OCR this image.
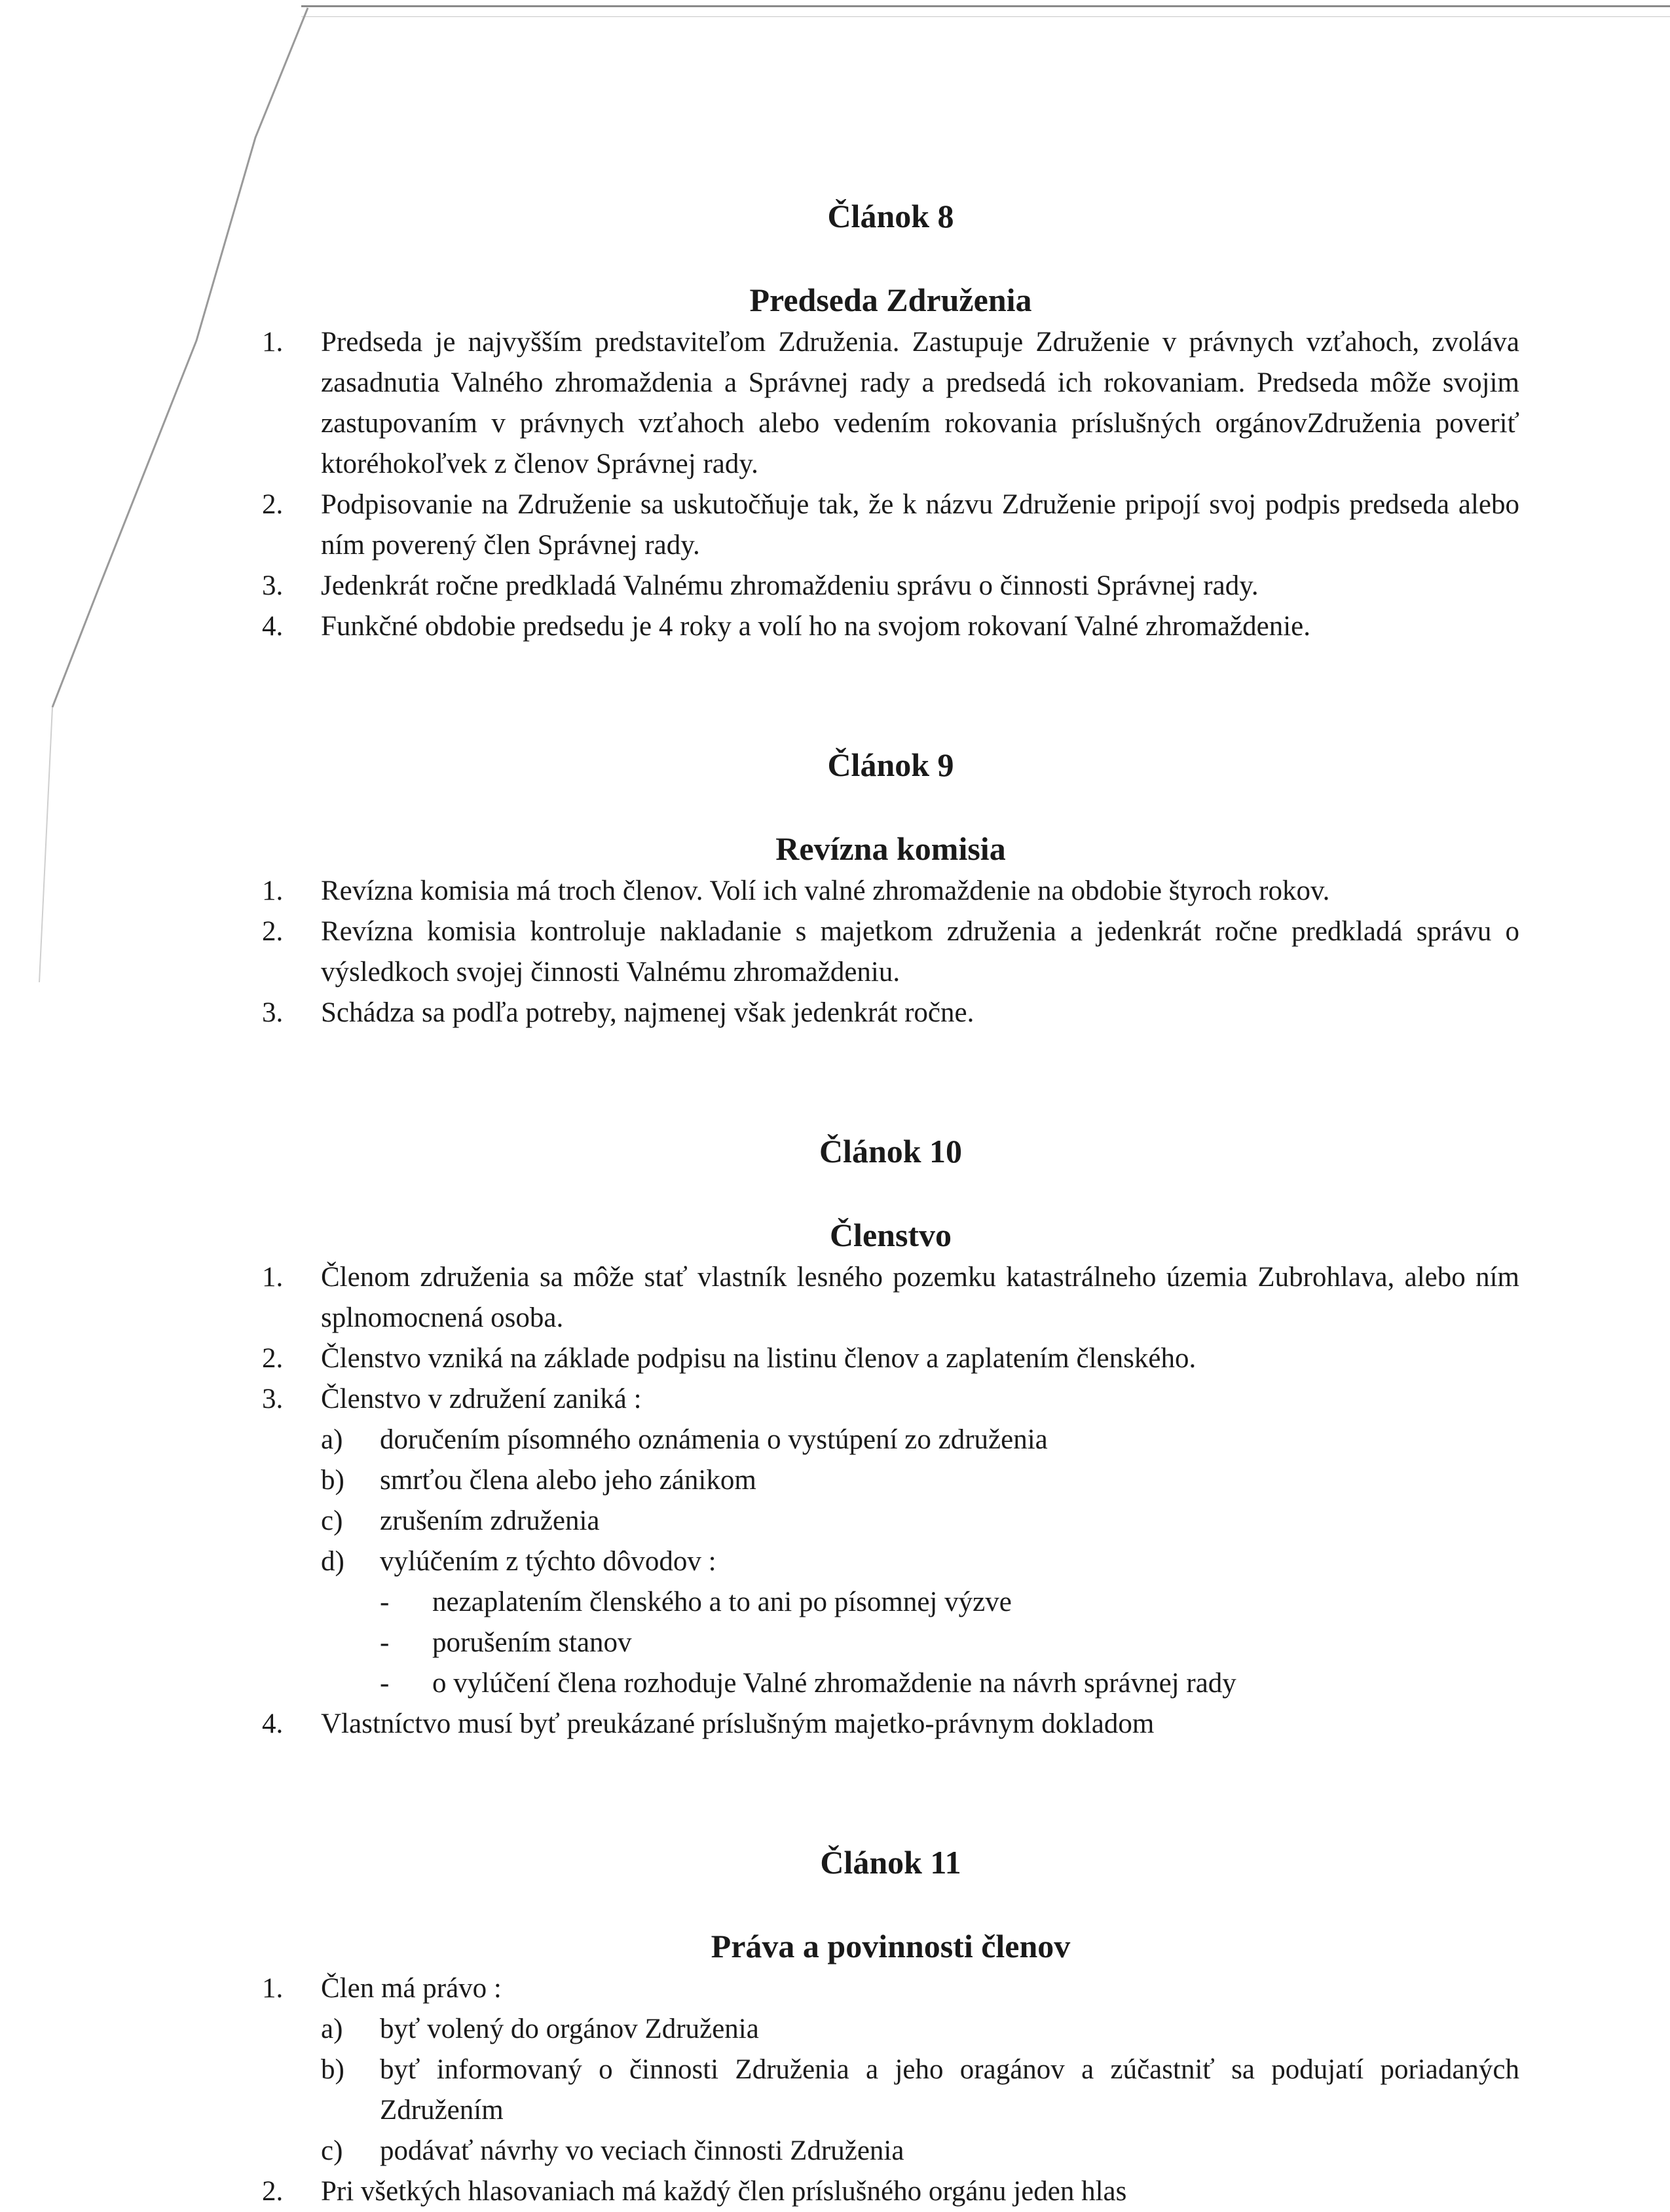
Článok 8
Predseda Združenia
1.	Predseda je najvyšším predstaviteľom Združenia. Zastupuje Združenie v právnych vzťahoch, zvoláva zasadnutia Valného zhromaždenia a Správnej rady a predsedá ich rokovaniam. Predseda môže svojim zastupovaním v právnych vzťahoch alebo vedením rokovania príslušných orgánovZdruženia poveriť ktoréhokoľvek z členov Správnej rady.
2.	Podpisovanie na Združenie sa uskutočňuje tak, že k názvu Združenie pripojí svoj podpis predseda alebo ním poverený člen Správnej rady.
3.	Jedenkrát ročne predkladá Valnému zhromaždeniu správu o činnosti Správnej rady.
4.	Funkčné obdobie predsedu je 4 roky a volí ho na svojom rokovaní Valné zhromaždenie.
Článok 9
Revízna komisia
1.	Revízna komisia má troch členov. Volí ich valné zhromaždenie na obdobie štyroch rokov.
2.	Revízna komisia kontroluje nakladanie s majetkom združenia a jedenkrát ročne predkladá správu o výsledkoch svojej činnosti Valnému zhromaždeniu.
3.	Schádza sa podľa potreby, najmenej však jedenkrát ročne.
Článok 10
Členstvo
1.	Členom združenia sa môže stať vlastník lesného pozemku katastrálneho územia Zubrohlava, alebo ním splnomocnená osoba.
2.	Členstvo vzniká na základe podpisu na listinu členov a zaplatením členského.
3.	Členstvo v združení zaniká :
a)	doručením písomného oznámenia o vystúpení zo združenia
b)	smrťou člena alebo jeho zánikom
c)	zrušením združenia
d)	vylúčením z týchto dôvodov :
-	nezaplatením členského a to ani po písomnej výzve
-	porušením stanov
-	o vylúčení člena rozhoduje Valné zhromaždenie na návrh správnej rady
4.	Vlastníctvo musí byť preukázané príslušným majetko-právnym dokladom
Článok 11
Práva a povinnosti členov
1.	Člen má právo :
a)	byť volený do orgánov Združenia
b)	byť informovaný o činnosti Združenia a jeho oragánov a zúčastniť sa podujatí poriadaných Združením
c)	podávať návrhy vo veciach činnosti Združenia
2.	Pri všetkých hlasovaniach má každý člen príslušného orgánu jeden hlas
